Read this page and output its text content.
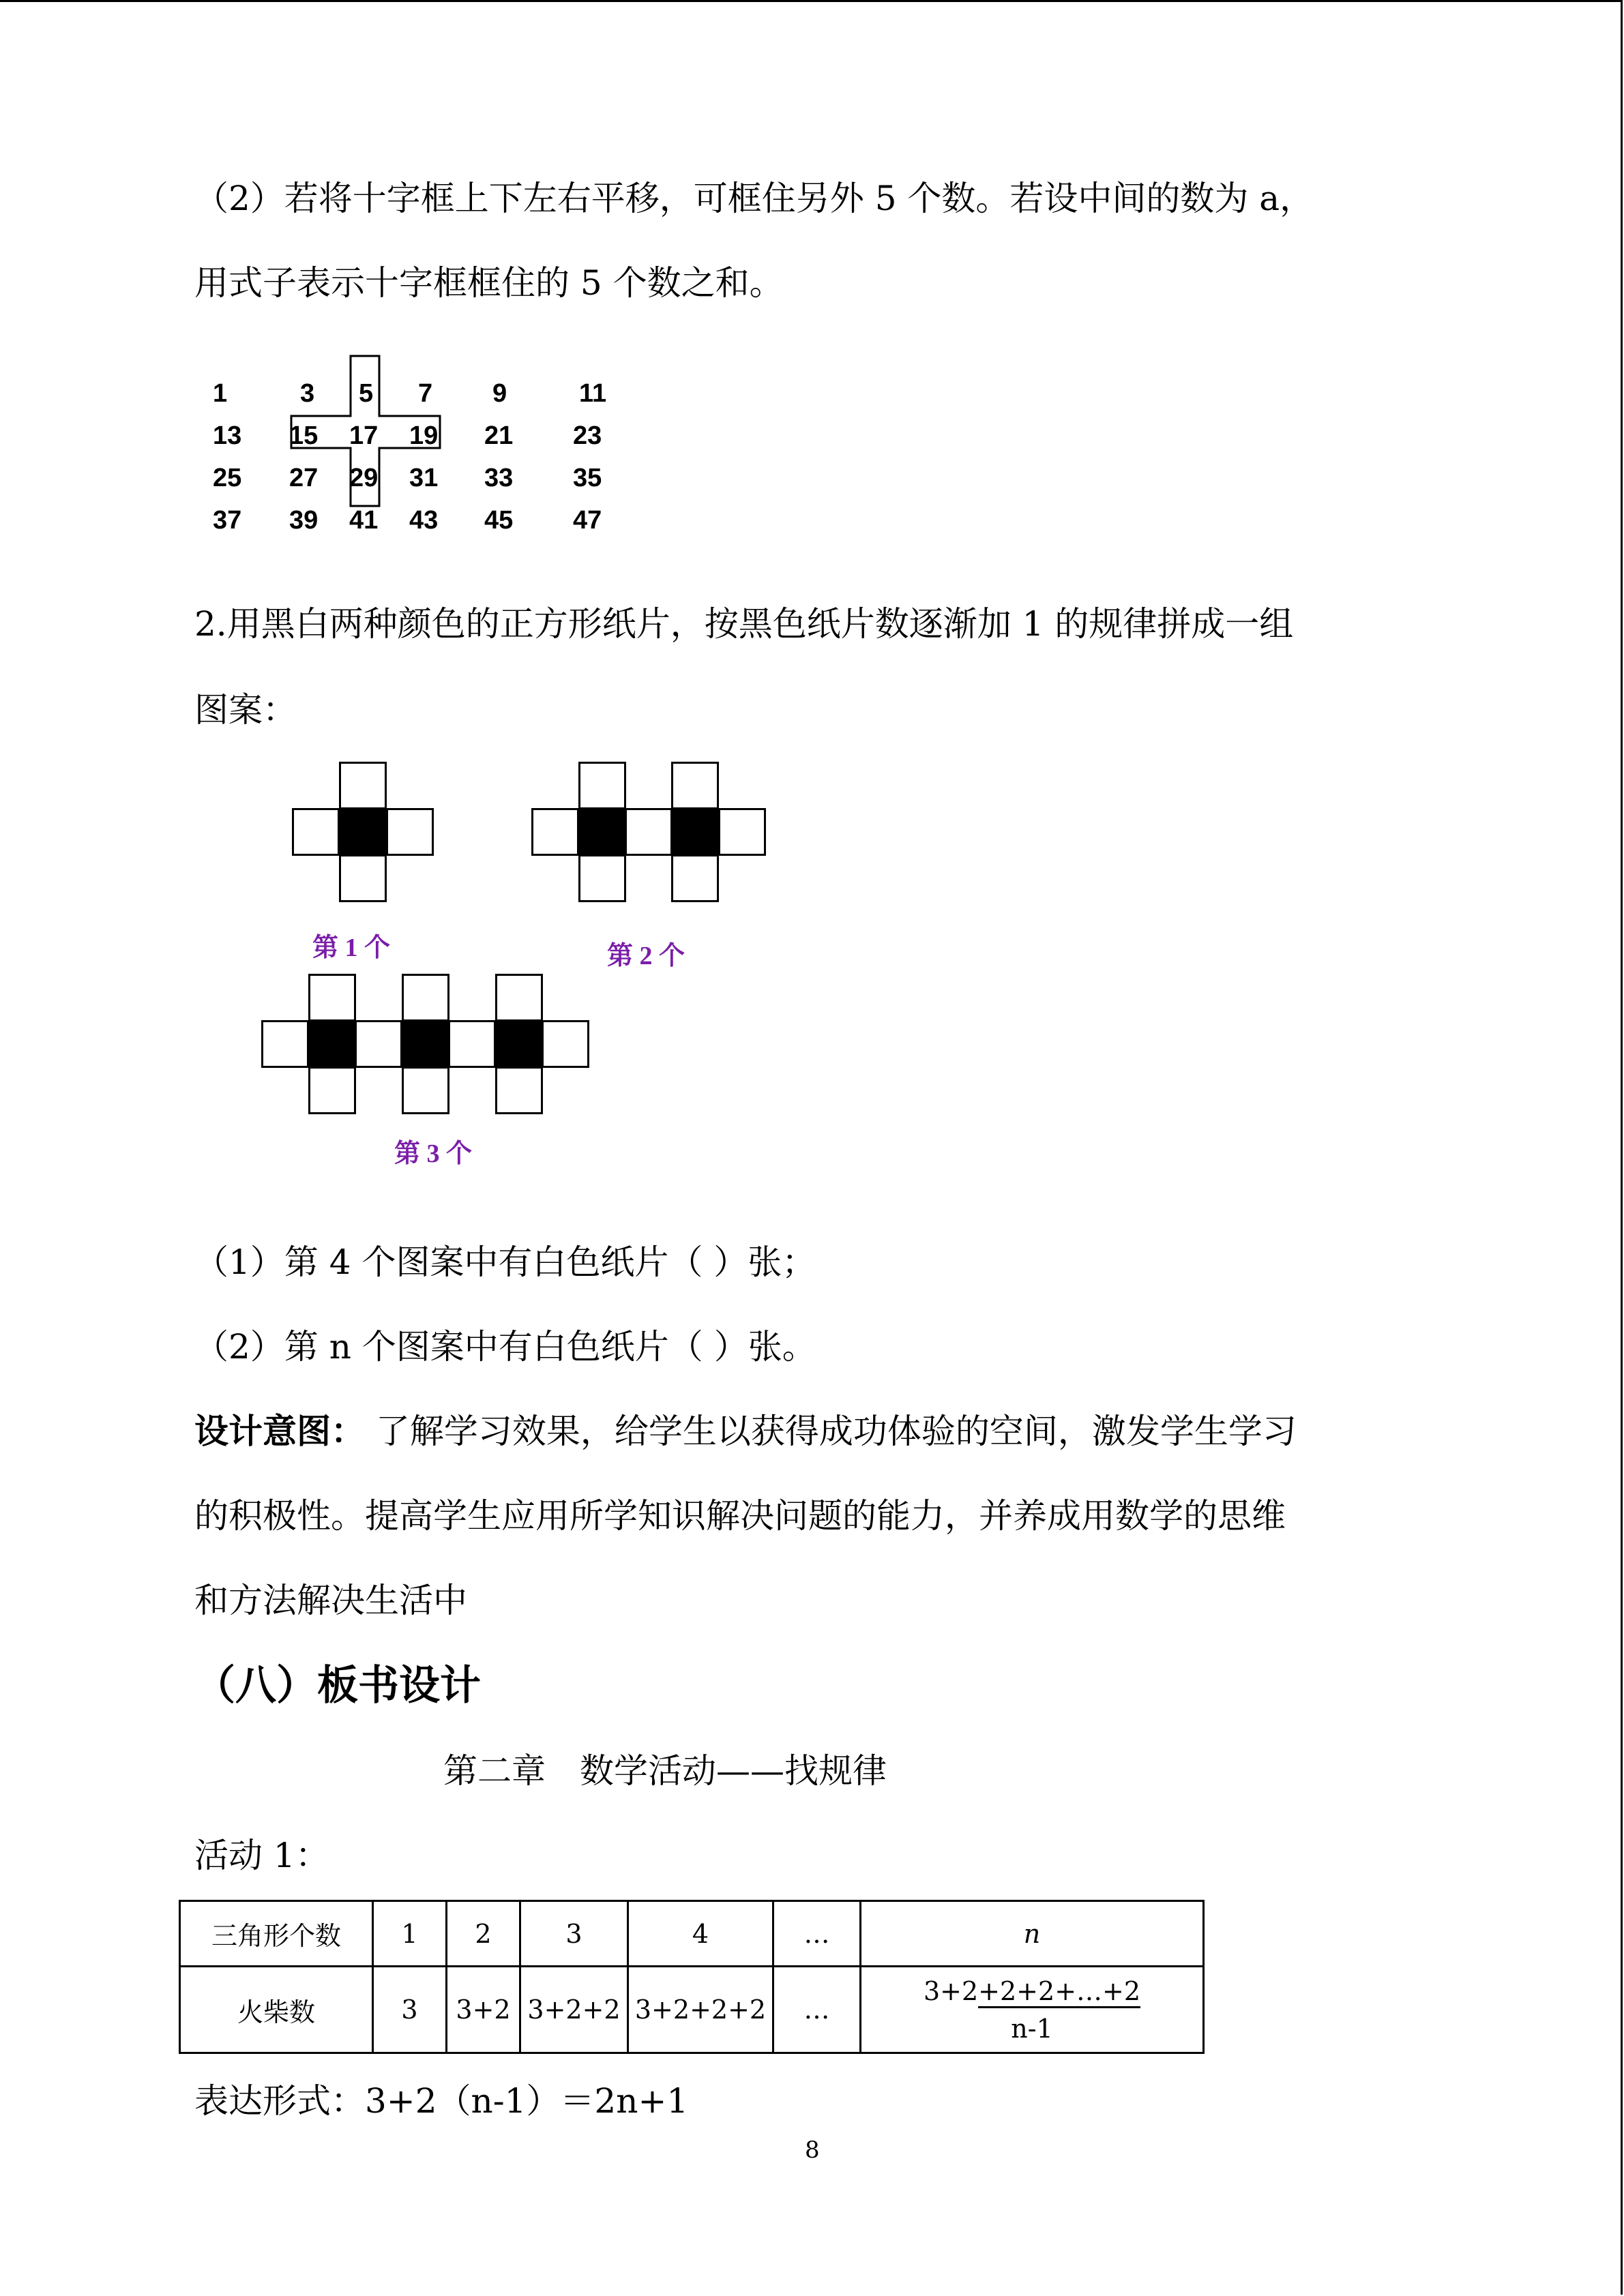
（2）若将十字框上下左右平移，可框住另外 5 个数。若设中间的数为 a，
用式子表示十字框框住的 5 个数之和。
1	3 5 7 9	11
13 15 17 19 21 23
25 27 29 31 33 35
37 39 41 43 45 47
2.用黑白两种颜色的正方形纸片，按黑色纸片数逐渐加 1 的规律拼成一组
图案：
第 1 个	第 2 个
第 3 个
（1）第 4 个图案中有白色纸片（ ）张；
（2）第 n 个图案中有白色纸片（ ）张。
设计意图： 了解学习效果，给学生以获得成功体验的空间，激发学生学习
的积极性。提高学生应用所学知识解决问题的能力，并养成用数学的思维
和方法解决生活中
（八）板书设计
第二章　数学活动——找规律
活动 1：
三角形个数	1	2	3	4	…	n
火柴数	3	3+2	3+2+2	3+2+2+2	…	3+2+2+2+…+2
n-1
表达形式：3+2（n-1）＝2n+1
8
